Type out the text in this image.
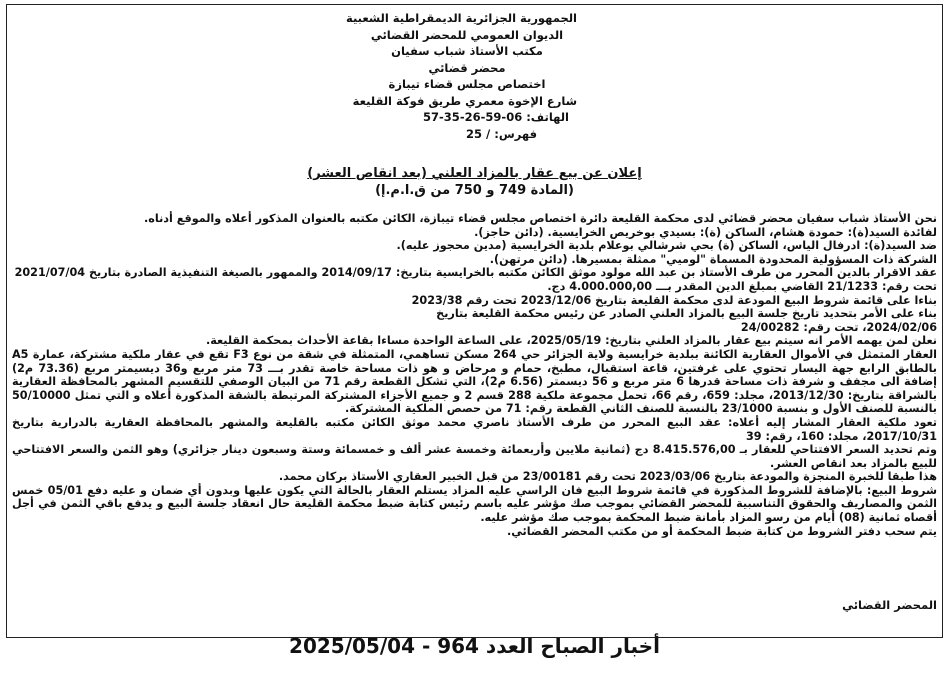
الجمهورية الجزائرية الديمقراطية الشعبية
الديوان العمومي للمحضر القضائي
مكتب الأستاذ شباب سفيان
محضر قضائي
اختصاص مجلس قضاء تيبازة
شارع الإخوة معمري طريق فوكة القليعة
الهاتف: 06-59-26-35-57
فهرس: / 25
إعلان عن بيع عقار بالمزاد العلني (بعد انقاص العشر)
(المادة 749 و 750 من ق.ا.م.إ)

نحن الأستاذ شباب سفيان محضر قضائي لدى محكمة القليعة دائرة اختصاص مجلس قضاء تيبازة، الكائن مكتبه بالعنوان المذكور أعلاه والموقع أدناه.

لفائدة السيد(ة): حمودة هشام، الساكن (ة): بسيدي بوخريص الخرايسية. (دائن حاجز).

ضد السيد(ة): ادرفال الياس، الساكن (ة) بحي شرشالي بوعلام بلدية الخرايسية (مدين محجوز عليه).

الشركة ذات المسؤولية المحدودة المسماة "لوميي" ممثلة بمسيرها. (دائن مرتهن).

عقد الاقرار بالدين المحرر من طرف الأستاذ بن عبد الله مولود موثق الكائن مكتبه بالخرايسية بتاريخ: 2014/09/17 والممهور بالصيغة التنفيذية الصادرة بتاريخ 2021/07/04

تحت رقم: 21/1233 القاضي بمبلغ الدين المقدر بـــ 4.000.000,00 دج.

بناءا على قائمة شروط البيع المودعة لدى محكمة القليعة بتاريخ 2023/12/06 تحت رقم 2023/38

بناء على الأمر بتحديد تاريخ جلسة البيع بالمزاد العلني الصادر عن رئيس محكمة القليعة بتاريخ

2024/02/06، تحت رقم: 24/00282

نعلن لمن يهمه الأمر انه سيتم بيع عقار بالمزاد العلني بتاريخ: 2025/05/19، على الساعة الواحدة مساءا بقاعة الأحداث بمحكمة القليعة.

العقار المتمثل في الأموال العقارية الكائنة ببلدية خرايسية ولاية الجزائر حي 264 مسكن تساهمي، المتمثلة في شقة من نوع F3 تقع في عقار ملكية مشتركة، عمارة A5 بالطابق الرابع جهة اليسار تحتوي على غرفتين، قاعة استقبال، مطبخ، حمام و مرحاض و هو ذات مساحة خاصة تقدر بـــ 73 متر مربع و36 ديسيمتر مربع (73.36 م2) إضافة الى مجفف و شرفة ذات مساحة قدرها 6 متر مربع و 56 ديسمتر (6.56 م2)، التي تشكل القطعة رقم 71 من البيان الوصفي للتقسيم المشهر بالمحافظة العقارية بالشراقة بتاريخ: 2013/12/30، مجلد: 659، رقم 66، تحمل مجموعة ملكية 288 قسم 2 و جميع الأجزاء المشتركة المرتبطة بالشقة المذكورة أعلاه و التي تمثل 50/10000 بالنسبة للصنف الأول و بنسبة 23/1000 بالنسبة للصنف الثاني القطعة رقم: 71 من حصص الملكية المشتركة.

تعود ملكية العقار المشار إليه أعلاه: عقد البيع المحرر من طرف الأستاذ ناصري محمد موثق الكائن مكتبه بالقليعة والمشهر بالمحافظة العقارية بالدرارية بتاريخ 2017/10/31، مجلد: 160، رقم: 39

وتم تحديد السعر الافتتاحي للعقار بـ 8.415.576,00 دج (ثمانية ملايين وأربعمائة وخمسة عشر ألف و خمسمائة وستة وسبعون دينار جزائري) وهو الثمن والسعر الافتتاحي للبيع بالمزاد بعد انقاص العشر.

هذا طبقا للخبرة المنجزة والمودعة بتاريخ 2023/03/06 تحت رقم 23/00181 من قبل الخبير العقاري الأستاذ بركان محمد.

شروط البيع: بالإضافة للشروط المذكورة في قائمة شروط البيع فان الراسي عليه المزاد يستلم العقار بالحالة التي يكون عليها وبدون أي ضمان و عليه دفع 05/01 خمس الثمن والمصاريف والحقوق التناسبية للمحضر القضائي بموجب صك مؤشر عليه باسم رئيس كتابة ضبط محكمة القليعة حال انعقاد جلسة البيع و يدفع باقي الثمن في أجل أقصاه ثمانية (08) أيام من رسو المزاد بأمانة ضبط المحكمة بموجب صك مؤشر عليه.

يتم سحب دفتر الشروط من كتابة ضبط المحكمة أو من مكتب المحضر القضائي.

المحضر القضائي
أخبار الصباح العدد 964 - 2025/05/04
